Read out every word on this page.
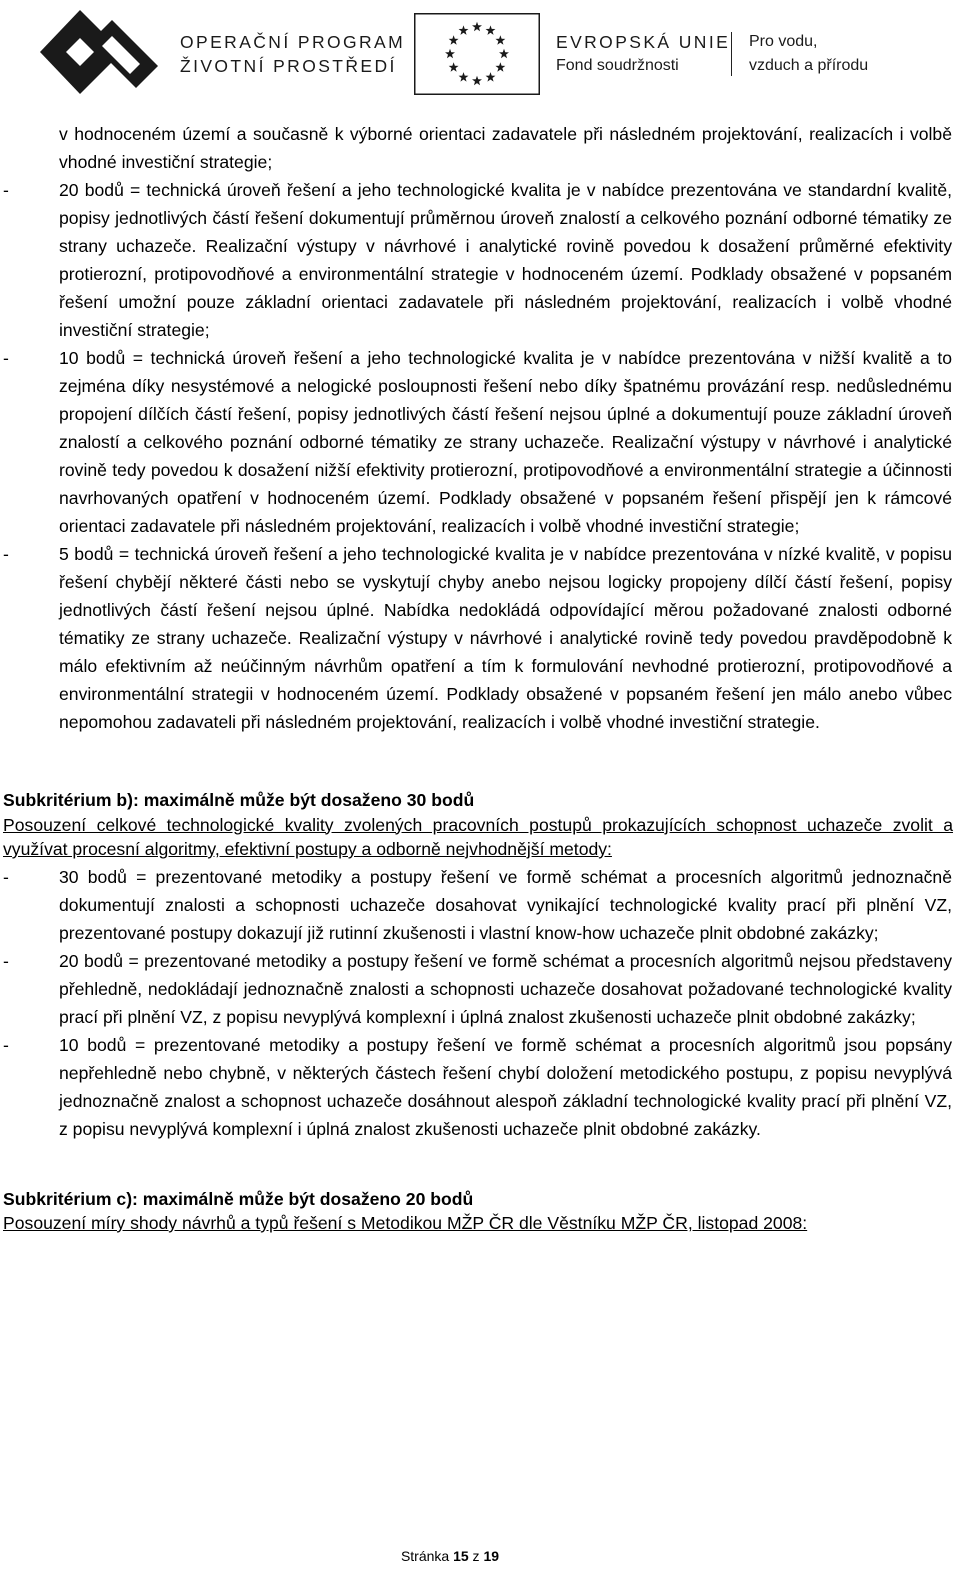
OPERAČNÍ PROGRAM
ŽIVOTNÍ PROSTŘEDÍ
EVROPSKÁ UNIE
Fond soudržnosti
Pro vodu,
vzduch a přírodu
v hodnoceném území a současně k výborné orientaci zadavatele při následném projektování, realizacích i volbě vhodné investiční strategie;
-	20 bodů = technická úroveň řešení a jeho technologické kvalita je v nabídce prezentována ve standardní kvalitě, popisy jednotlivých částí řešení dokumentují průměrnou úroveň znalostí a celkového poznání odborné tématiky ze strany uchazeče. Realizační výstupy v návrhové i analytické rovině povedou k dosažení průměrné efektivity protierozní, protipovodňové a environmentální strategie v hodnoceném území. Podklady obsažené v popsaném řešení umožní pouze základní orientaci zadavatele při následném projektování, realizacích i volbě vhodné investiční strategie;
-	10 bodů = technická úroveň řešení a jeho technologické kvalita je v nabídce prezentována v nižší kvalitě a to zejména díky nesystémové a nelogické posloupnosti řešení nebo díky špatnému provázání resp. nedůslednému propojení dílčích částí řešení, popisy jednotlivých částí řešení nejsou úplné a dokumentují pouze základní úroveň znalostí a celkového poznání odborné tématiky ze strany uchazeče. Realizační výstupy v návrhové i analytické rovině tedy povedou k dosažení nižší efektivity protierozní, protipovodňové a environmentální strategie a účinnosti navrhovaných opatření v hodnoceném území. Podklady obsažené v popsaném řešení přispějí jen k rámcové orientaci zadavatele při následném projektování, realizacích i volbě vhodné investiční strategie;
-	5 bodů = technická úroveň řešení a jeho technologické kvalita je v nabídce prezentována v nízké kvalitě, v popisu řešení chybějí některé části nebo se vyskytují chyby anebo nejsou logicky propojeny dílčí částí řešení, popisy jednotlivých částí řešení nejsou úplné. Nabídka nedokládá odpovídající měrou požadované znalosti odborné tématiky ze strany uchazeče. Realizační výstupy v návrhové i analytické rovině tedy povedou pravděpodobně k málo efektivním až neúčinným návrhům opatření a tím k formulování nevhodné protierozní, protipovodňové a environmentální strategii v hodnoceném území. Podklady obsažené v popsaném řešení jen málo anebo vůbec nepomohou zadavateli při následném projektování, realizacích i volbě vhodné investiční strategie.
Subkritérium b): maximálně může být dosaženo 30 bodů
Posouzení celkové technologické kvality zvolených pracovních postupů prokazujících schopnost uchazeče zvolit a využívat procesní algoritmy, efektivní postupy a odborně nejvhodnější metody:
-	30 bodů = prezentované metodiky a postupy řešení ve formě schémat a procesních algoritmů jednoznačně dokumentují znalosti a schopnosti uchazeče dosahovat vynikající technologické kvality prací při plnění VZ, prezentované postupy dokazují již rutinní zkušenosti i vlastní know-how uchazeče plnit obdobné zakázky;
-	20 bodů = prezentované metodiky a postupy řešení ve formě schémat a procesních algoritmů nejsou představeny přehledně, nedokládají jednoznačně znalosti a schopnosti uchazeče dosahovat požadované technologické kvality prací při plnění VZ, z popisu nevyplývá komplexní i úplná znalost zkušenosti uchazeče plnit obdobné zakázky;
-	10 bodů = prezentované metodiky a postupy řešení ve formě schémat a procesních algoritmů jsou popsány nepřehledně nebo chybně, v některých částech řešení chybí doložení metodického postupu, z popisu nevyplývá jednoznačně znalost a schopnost uchazeče dosáhnout alespoň základní technologické kvality prací při plnění VZ, z popisu nevyplývá komplexní i úplná znalost zkušenosti uchazeče plnit obdobné zakázky.
Subkritérium c): maximálně může být dosaženo 20 bodů
Posouzení míry shody návrhů a typů řešení s Metodikou MŽP ČR dle Věstníku MŽP ČR, listopad 2008:
Stránka 15 z 19
